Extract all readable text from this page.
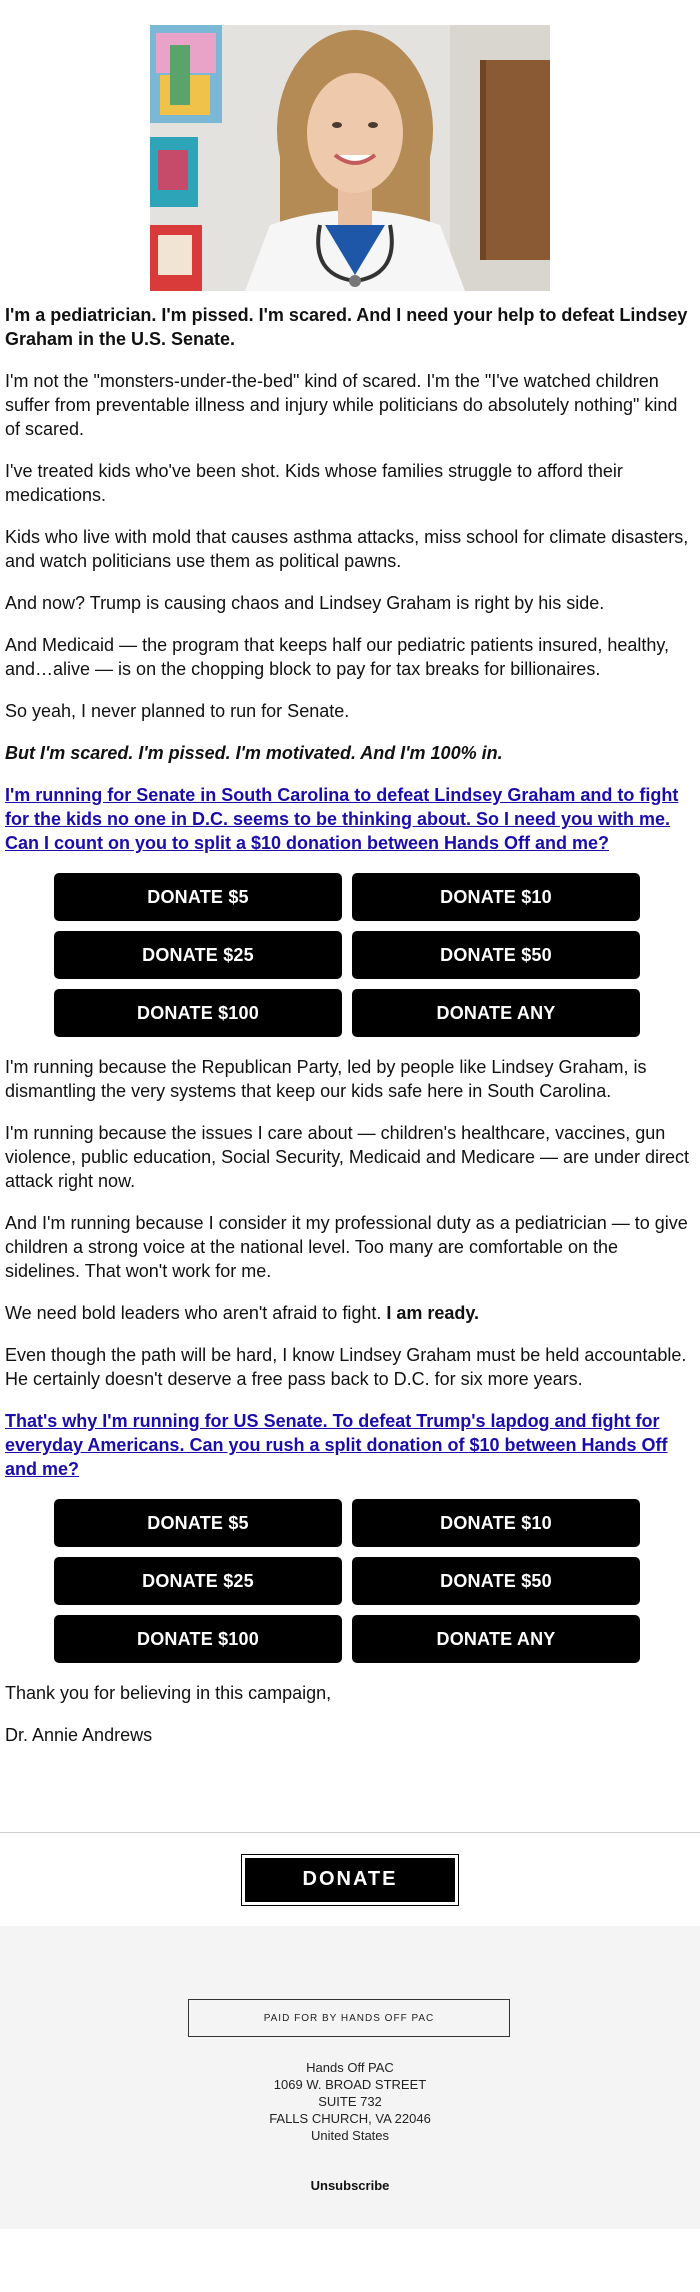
I'm a pediatrician. I'm pissed. I'm scared. And I need your help to defeat Lindsey Graham in the U.S. Senate.

I'm not the "monsters-under-the-bed" kind of scared. I'm the "I've watched children suffer from preventable illness and injury while politicians do absolutely nothing" kind of scared.

I've treated kids who've been shot. Kids whose families struggle to afford their medications.

Kids who live with mold that causes asthma attacks, miss school for climate disasters, and watch politicians use them as political pawns.

And now? Trump is causing chaos and Lindsey Graham is right by his side.

And Medicaid — the program that keeps half our pediatric patients insured, healthy, and…alive — is on the chopping block to pay for tax breaks for billionaires.

So yeah, I never planned to run for Senate.

But I'm scared. I'm pissed. I'm motivated. And I'm 100% in.

I'm running for Senate in South Carolina to defeat Lindsey Graham and to fight for the kids no one in D.C. seems to be thinking about. So I need you with me. Can I count on you to split a $10 donation between Hands Off and me?
DONATE $5	DONATE $10
DONATE $25	DONATE $50
DONATE $100	DONATE ANY

I'm running because the Republican Party, led by people like Lindsey Graham, is dismantling the very systems that keep our kids safe here in South Carolina.

I'm running because the issues I care about — children's healthcare, vaccines, gun violence, public education, Social Security, Medicaid and Medicare — are under direct attack right now.

And I'm running because I consider it my professional duty as a pediatrician — to give children a strong voice at the national level. Too many are comfortable on the sidelines. That won't work for me.

We need bold leaders who aren't afraid to fight. I am ready.

Even though the path will be hard, I know Lindsey Graham must be held accountable. He certainly doesn't deserve a free pass back to D.C. for six more years.

That's why I'm running for US Senate. To defeat Trump's lapdog and fight for everyday Americans. Can you rush a split donation of $10 between Hands Off and me?
DONATE $5	DONATE $10
DONATE $25	DONATE $50
DONATE $100	DONATE ANY

Thank you for believing in this campaign,

Dr. Annie Andrews

DONATE
PAID FOR BY HANDS OFF PAC
Hands Off PAC
1069 W. BROAD STREET
SUITE 732
FALLS CHURCH, VA 22046
United States
Unsubscribe
